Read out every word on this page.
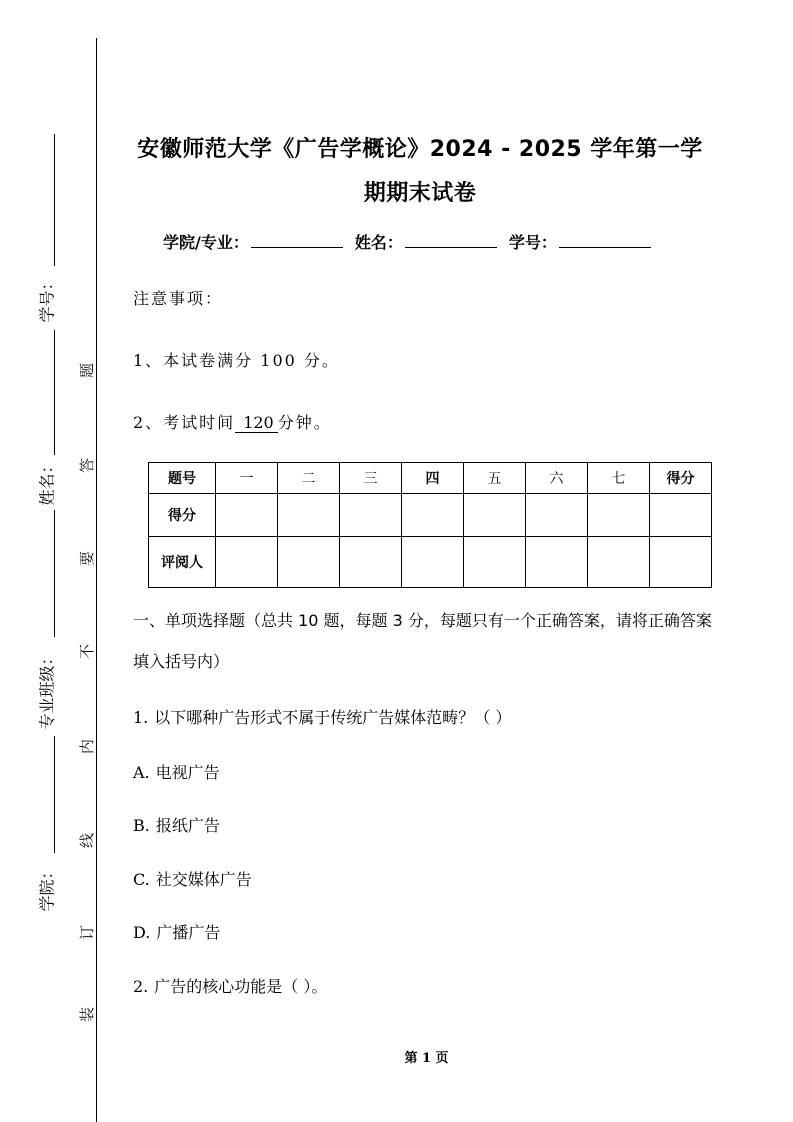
学号：
姓名：
专业班级：
学院：
题
答
要
不
内
线
订
装
安徽师范大学《广告学概论》2024 - 2025 学年第一学
期期末试卷
学院/专业：	姓名：	学号：
注意事项：
1、本试卷满分 100 分。
2、考试时间 120 分钟。
题号	一	二	三	四	五	六	七	得分
得分								
评阅人								
一、单项选择题（总共 10 题，每题 3 分，每题只有一个正确答案，请将正确答案填入括号内）
1. 以下哪种广告形式不属于传统广告媒体范畴？（ ）
A. 电视广告
B. 报纸广告
C. 社交媒体广告
D. 广播广告
2. 广告的核心功能是（ ）。
第 1 页
